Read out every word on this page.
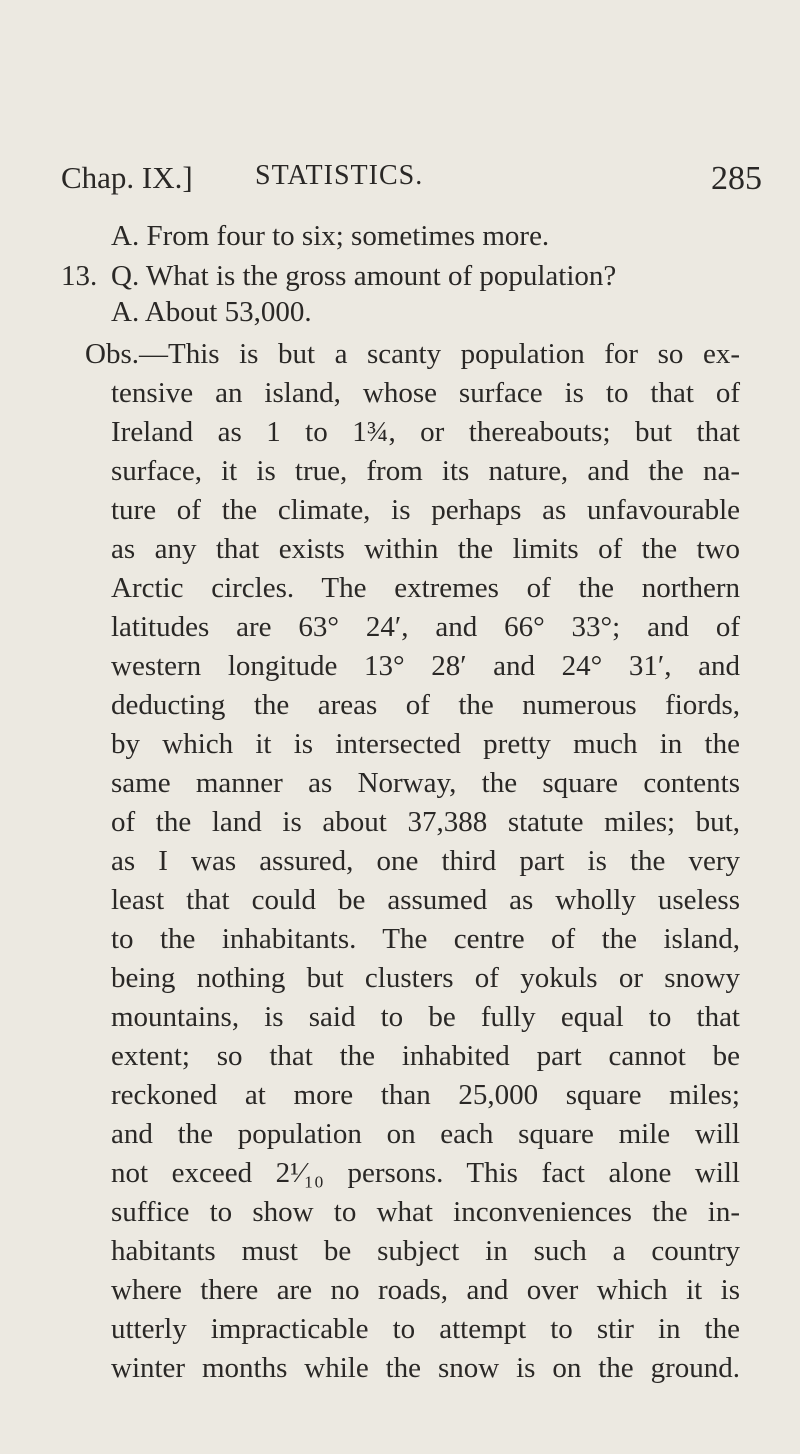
Chap. IX.] STATISTICS.	285
A. From four to six; sometimes more.
13. Q. What is the gross amount of population?
A. About 53,000.
Obs.—This is but a scanty population for so ex-
tensive an island, whose surface is to that of
Ireland as 1 to 1¾, or thereabouts; but that
surface, it is true, from its nature, and the na-
ture of the climate, is perhaps as unfavourable
as any that exists within the limits of the two
Arctic circles. The extremes of the northern
latitudes are 63° 24′, and 66° 33°; and of
western longitude 13° 28′ and 24° 31′, and
deducting the areas of the numerous fiords,
by which it is intersected pretty much in the
same manner as Norway, the square contents
of the land is about 37,388 statute miles; but,
as I was assured, one third part is the very
least that could be assumed as wholly useless
to the inhabitants. The centre of the island,
being nothing but clusters of yokuls or snowy
mountains, is said to be fully equal to that
extent; so that the inhabited part cannot be
reckoned at more than 25,000 square miles;
and the population on each square mile will
not exceed 2¹⁄₁₀ persons. This fact alone will
suffice to show to what inconveniences the in-
habitants must be subject in such a country
where there are no roads, and over which it is
utterly impracticable to attempt to stir in the
winter months while the snow is on the ground.
